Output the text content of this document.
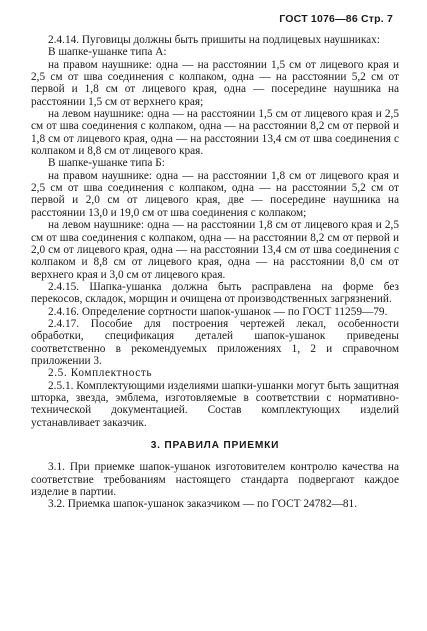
ГОСТ 1076—86 Стр. 7

2.4.14. Пуговицы должны быть пришиты на подлицевых наушниках:

В шапке-ушанке типа А:

на правом наушнике: одна — на расстоянии 1,5 см от лицевого края и 2,5 см от шва соединения с колпаком, одна — на расстоянии 5,2 см от первой и 1,8 см от лицевого края, одна — посередине наушника на расстоянии 1,5 см от верхнего края;

на левом наушнике: одна — на расстоянии 1,5 см от лицевого края и 2,5 см от шва соединения с колпаком, одна — на расстоянии 8,2 см от первой и 1,8 см от лицевого края, одна — на расстоянии 13,4 см от шва соединения с колпаком и 8,8 см от лицевого края.

В шапке-ушанке типа Б:

на правом наушнике: одна — на расстоянии 1,8 см от лицевого края и 2,5 см от шва соединения с колпаком, одна — на расстоянии 5,2 см от первой и 2,0 см от лицевого края, две — посередине наушника на расстоянии 13,0 и 19,0 см от шва соединения с колпаком;

на левом наушнике: одна — на расстоянии 1,8 см от лицевого края и 2,5 см от шва соединения с колпаком, одна — на расстоянии 8,2 см от первой и 2,0 см от лицевого края, одна — на расстоянии 13,4 см от шва соединения с колпаком и 8,8 см от лицевого края, одна — на расстоянии 8,0 см от верхнего края и 3,0 см от лицевого края.

2.4.15. Шапка-ушанка должна быть расправлена на форме без перекосов, складок, морщин и очищена от производственных загрязнений.

2.4.16. Определение сортности шапок-ушанок — по ГОСТ 11259—79.

2.4.17. Пособие для построения чертежей лекал, особенности обработки, спецификация деталей шапок-ушанок приведены соответственно в рекомендуемых приложениях 1, 2 и справочном приложении 3.

2.5. Комплектность

2.5.1. Комплектующими изделиями шапки-ушанки могут быть защитная шторка, звезда, эмблема, изготовляемые в соответствии с нормативно-технической документацией. Состав комплектующих изделий устанавливает заказчик.

3. ПРАВИЛА ПРИЕМКИ

3.1. При приемке шапок-ушанок изготовителем контролю качества на соответствие требованиям настоящего стандарта подвергают каждое изделие в партии.

3.2. Приемка шапок-ушанок заказчиком — по ГОСТ 24782—81.
